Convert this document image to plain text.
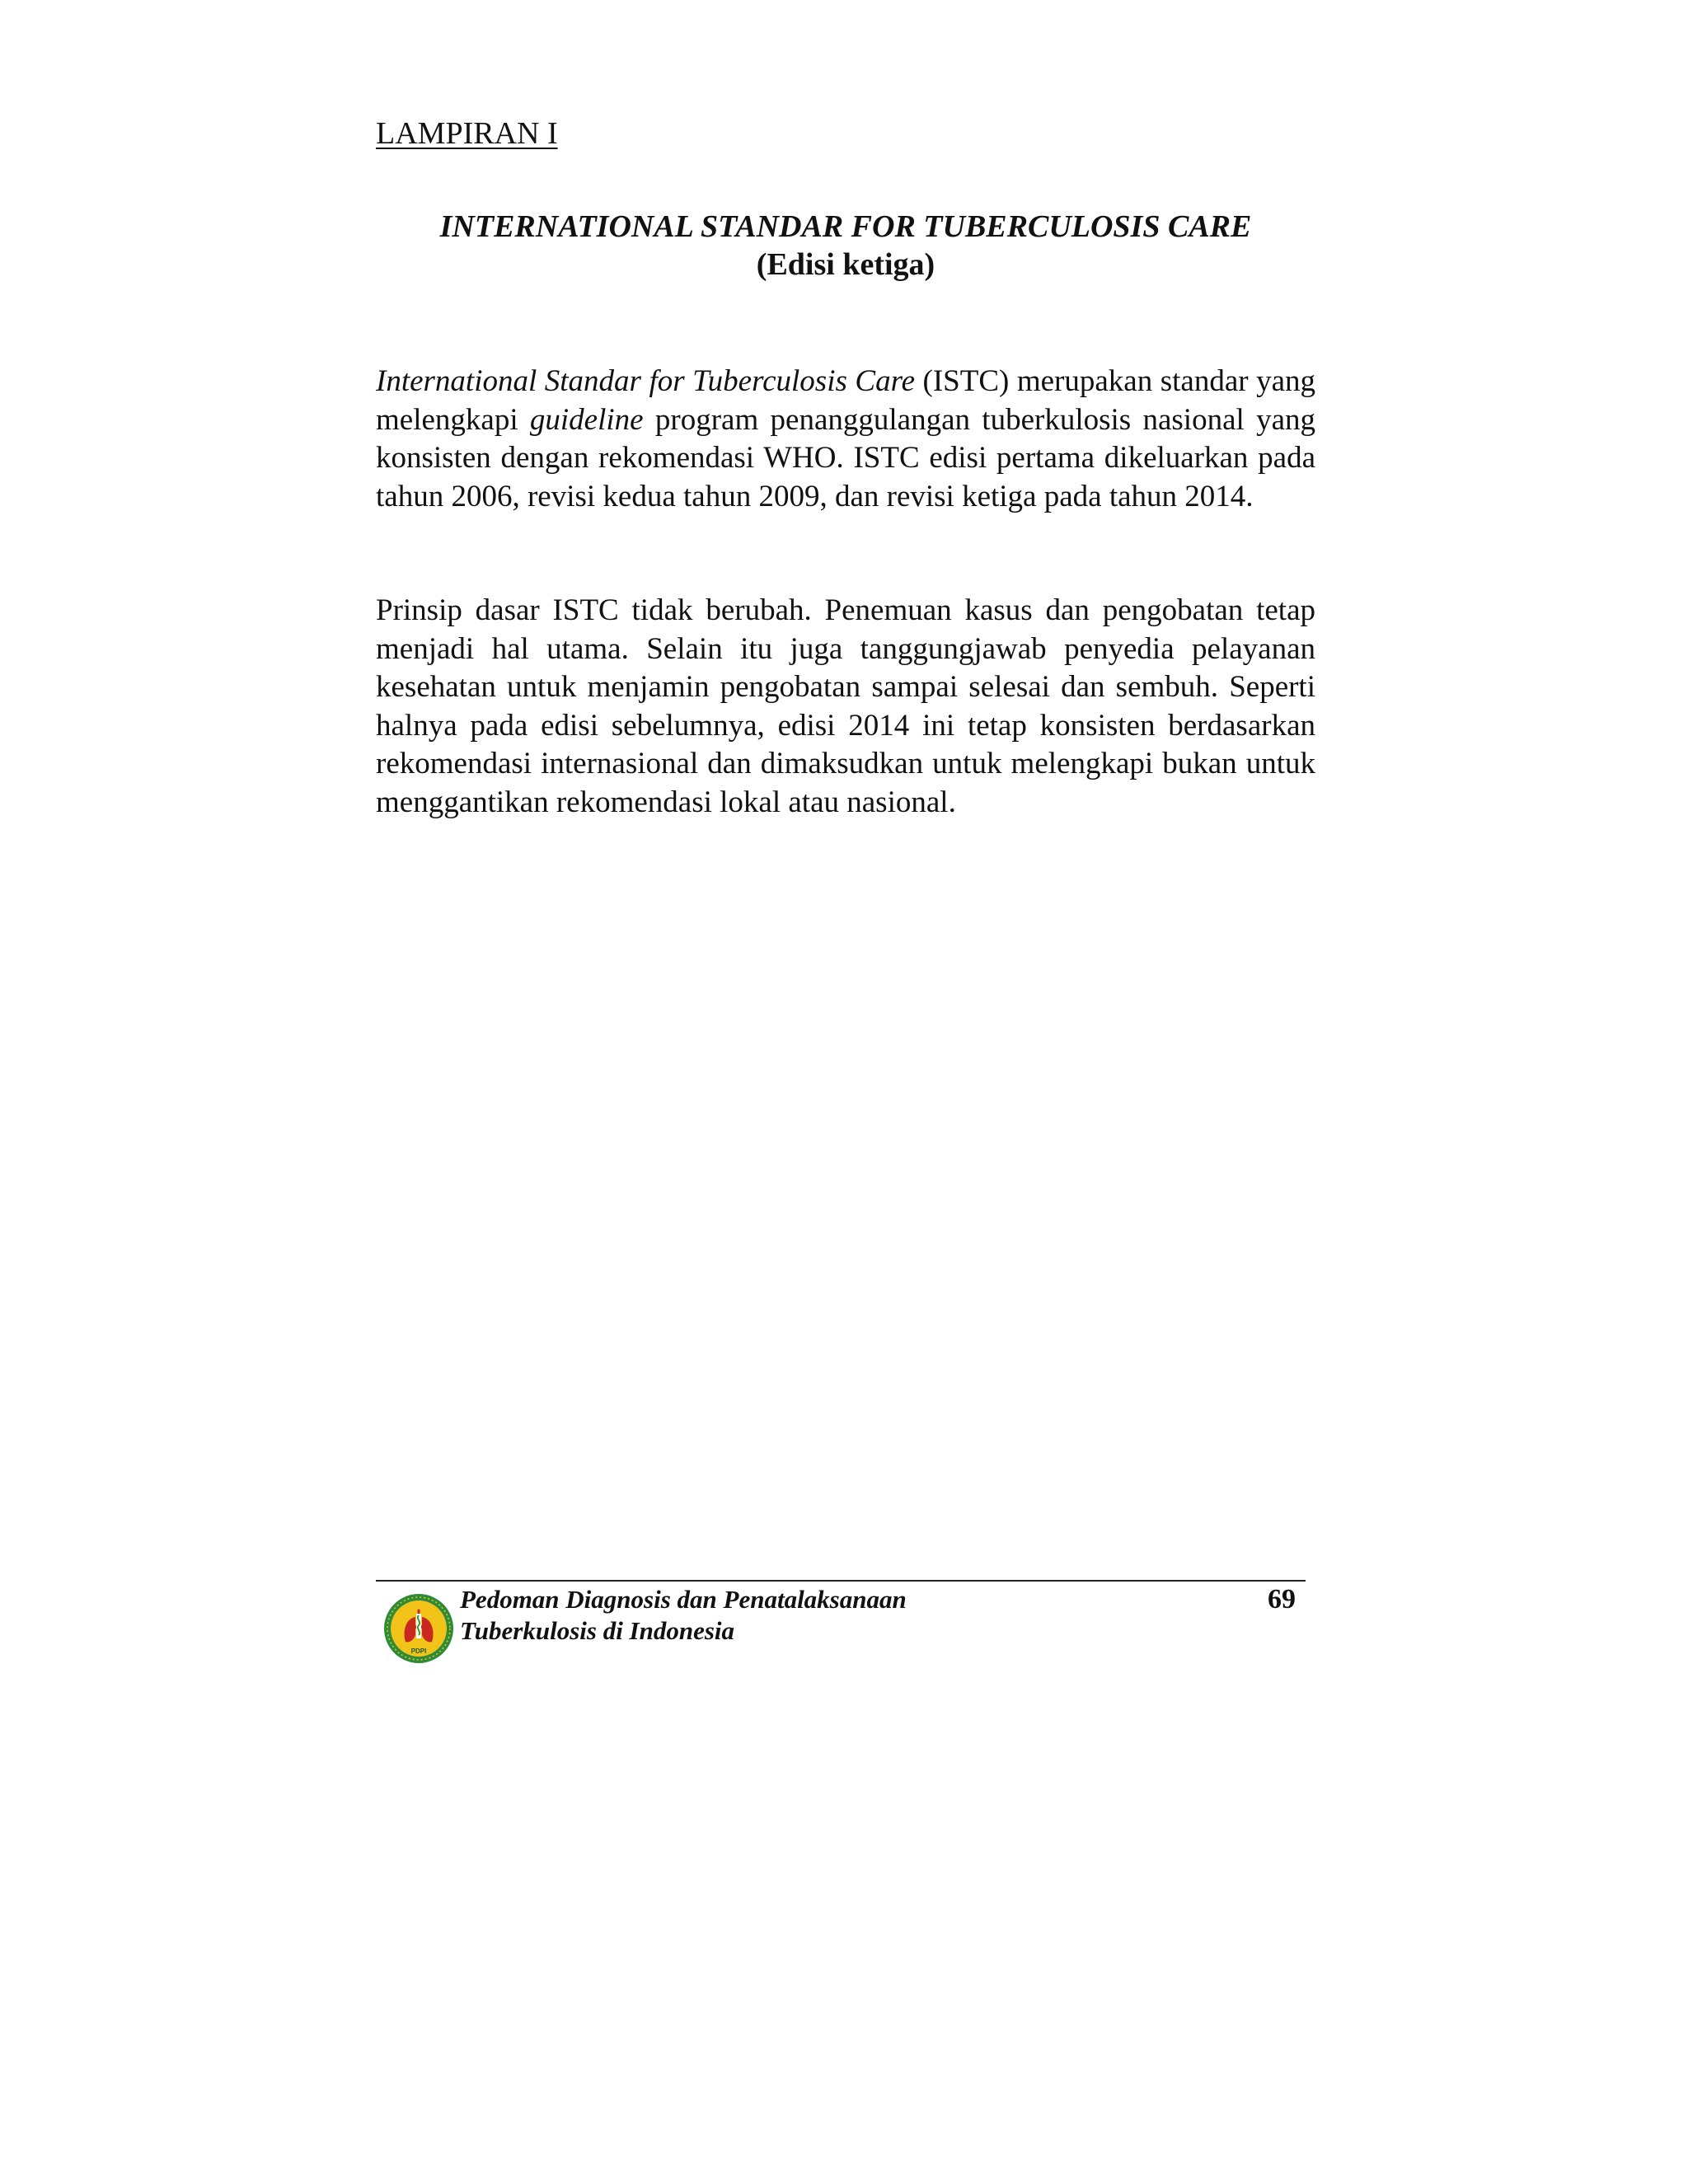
LAMPIRAN I

INTERNATIONAL STANDAR FOR TUBERCULOSIS CARE
(Edisi ketiga)

International Standar for Tuberculosis Care (ISTC) merupakan standar yang melengkapi guideline program penanggulangan tuberkulosis nasional yang konsisten dengan rekomendasi WHO. ISTC edisi pertama dikeluarkan pada tahun 2006, revisi kedua tahun 2009, dan revisi ketiga pada tahun 2014.

Prinsip dasar ISTC tidak berubah. Penemuan kasus dan pengobatan tetap menjadi hal utama. Selain itu juga tanggungjawab penyedia pelayanan kesehatan untuk menjamin pengobatan sampai selesai dan sembuh. Seperti halnya pada edisi sebelumnya, edisi 2014 ini tetap konsisten berdasarkan rekomendasi internasional dan dimaksudkan untuk melengkapi bukan untuk menggantikan rekomendasi lokal atau nasional.

PDPI

Pedoman Diagnosis dan Penatalaksanaan
Tuberkulosis di Indonesia

69
